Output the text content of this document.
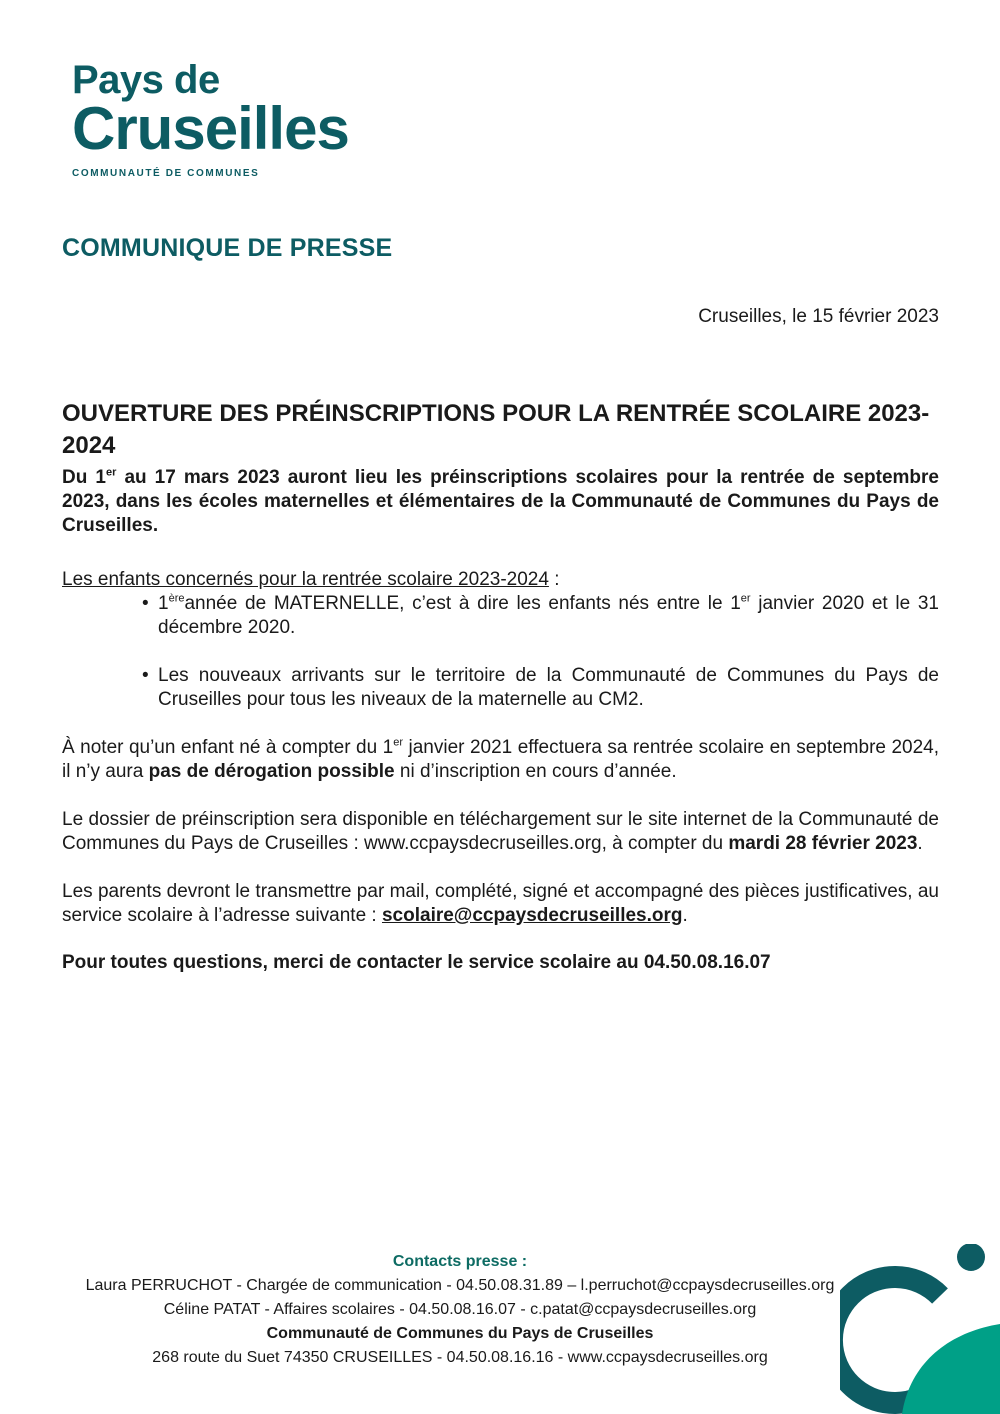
Pays de
Cruseilles
COMMUNAUTÉ DE COMMUNES
COMMUNIQUE DE PRESSE
Cruseilles, le 15 février 2023
OUVERTURE DES PRÉINSCRIPTIONS POUR LA RENTRÉE SCOLAIRE 2023-2024

Du 1er au 17 mars 2023 auront lieu les préinscriptions scolaires pour la rentrée de septembre 2023, dans les écoles maternelles et élémentaires de la Communauté de Communes du Pays de Cruseilles.

Les enfants concernés pour la rentrée scolaire 2023-2024 :

• 1èreannée de MATERNELLE, c’est à dire les enfants nés entre le 1er janvier 2020 et le 31 décembre 2020.
• Les nouveaux arrivants sur le territoire de la Communauté de Communes du Pays de Cruseilles pour tous les niveaux de la maternelle au CM2.

À noter qu’un enfant né à compter du 1er janvier 2021 effectuera sa rentrée scolaire en septembre 2024, il n’y aura pas de dérogation possible ni d’inscription en cours d’année.

Le dossier de préinscription sera disponible en téléchargement sur le site internet de la Communauté de Communes du Pays de Cruseilles : www.ccpaysdecruseilles.org, à compter du mardi 28 février 2023.

Les parents devront le transmettre par mail, complété, signé et accompagné des pièces justificatives, au service scolaire à l’adresse suivante : scolaire@ccpaysdecruseilles.org.

Pour toutes questions, merci de contacter le service scolaire au 04.50.08.16.07
Contacts presse :
Laura PERRUCHOT - Chargée de communication - 04.50.08.31.89 – l.perruchot@ccpaysdecruseilles.org
Céline PATAT - Affaires scolaires - 04.50.08.16.07 - c.patat@ccpaysdecruseilles.org
Communauté de Communes du Pays de Cruseilles
268 route du Suet 74350 CRUSEILLES - 04.50.08.16.16 - www.ccpaysdecruseilles.org
